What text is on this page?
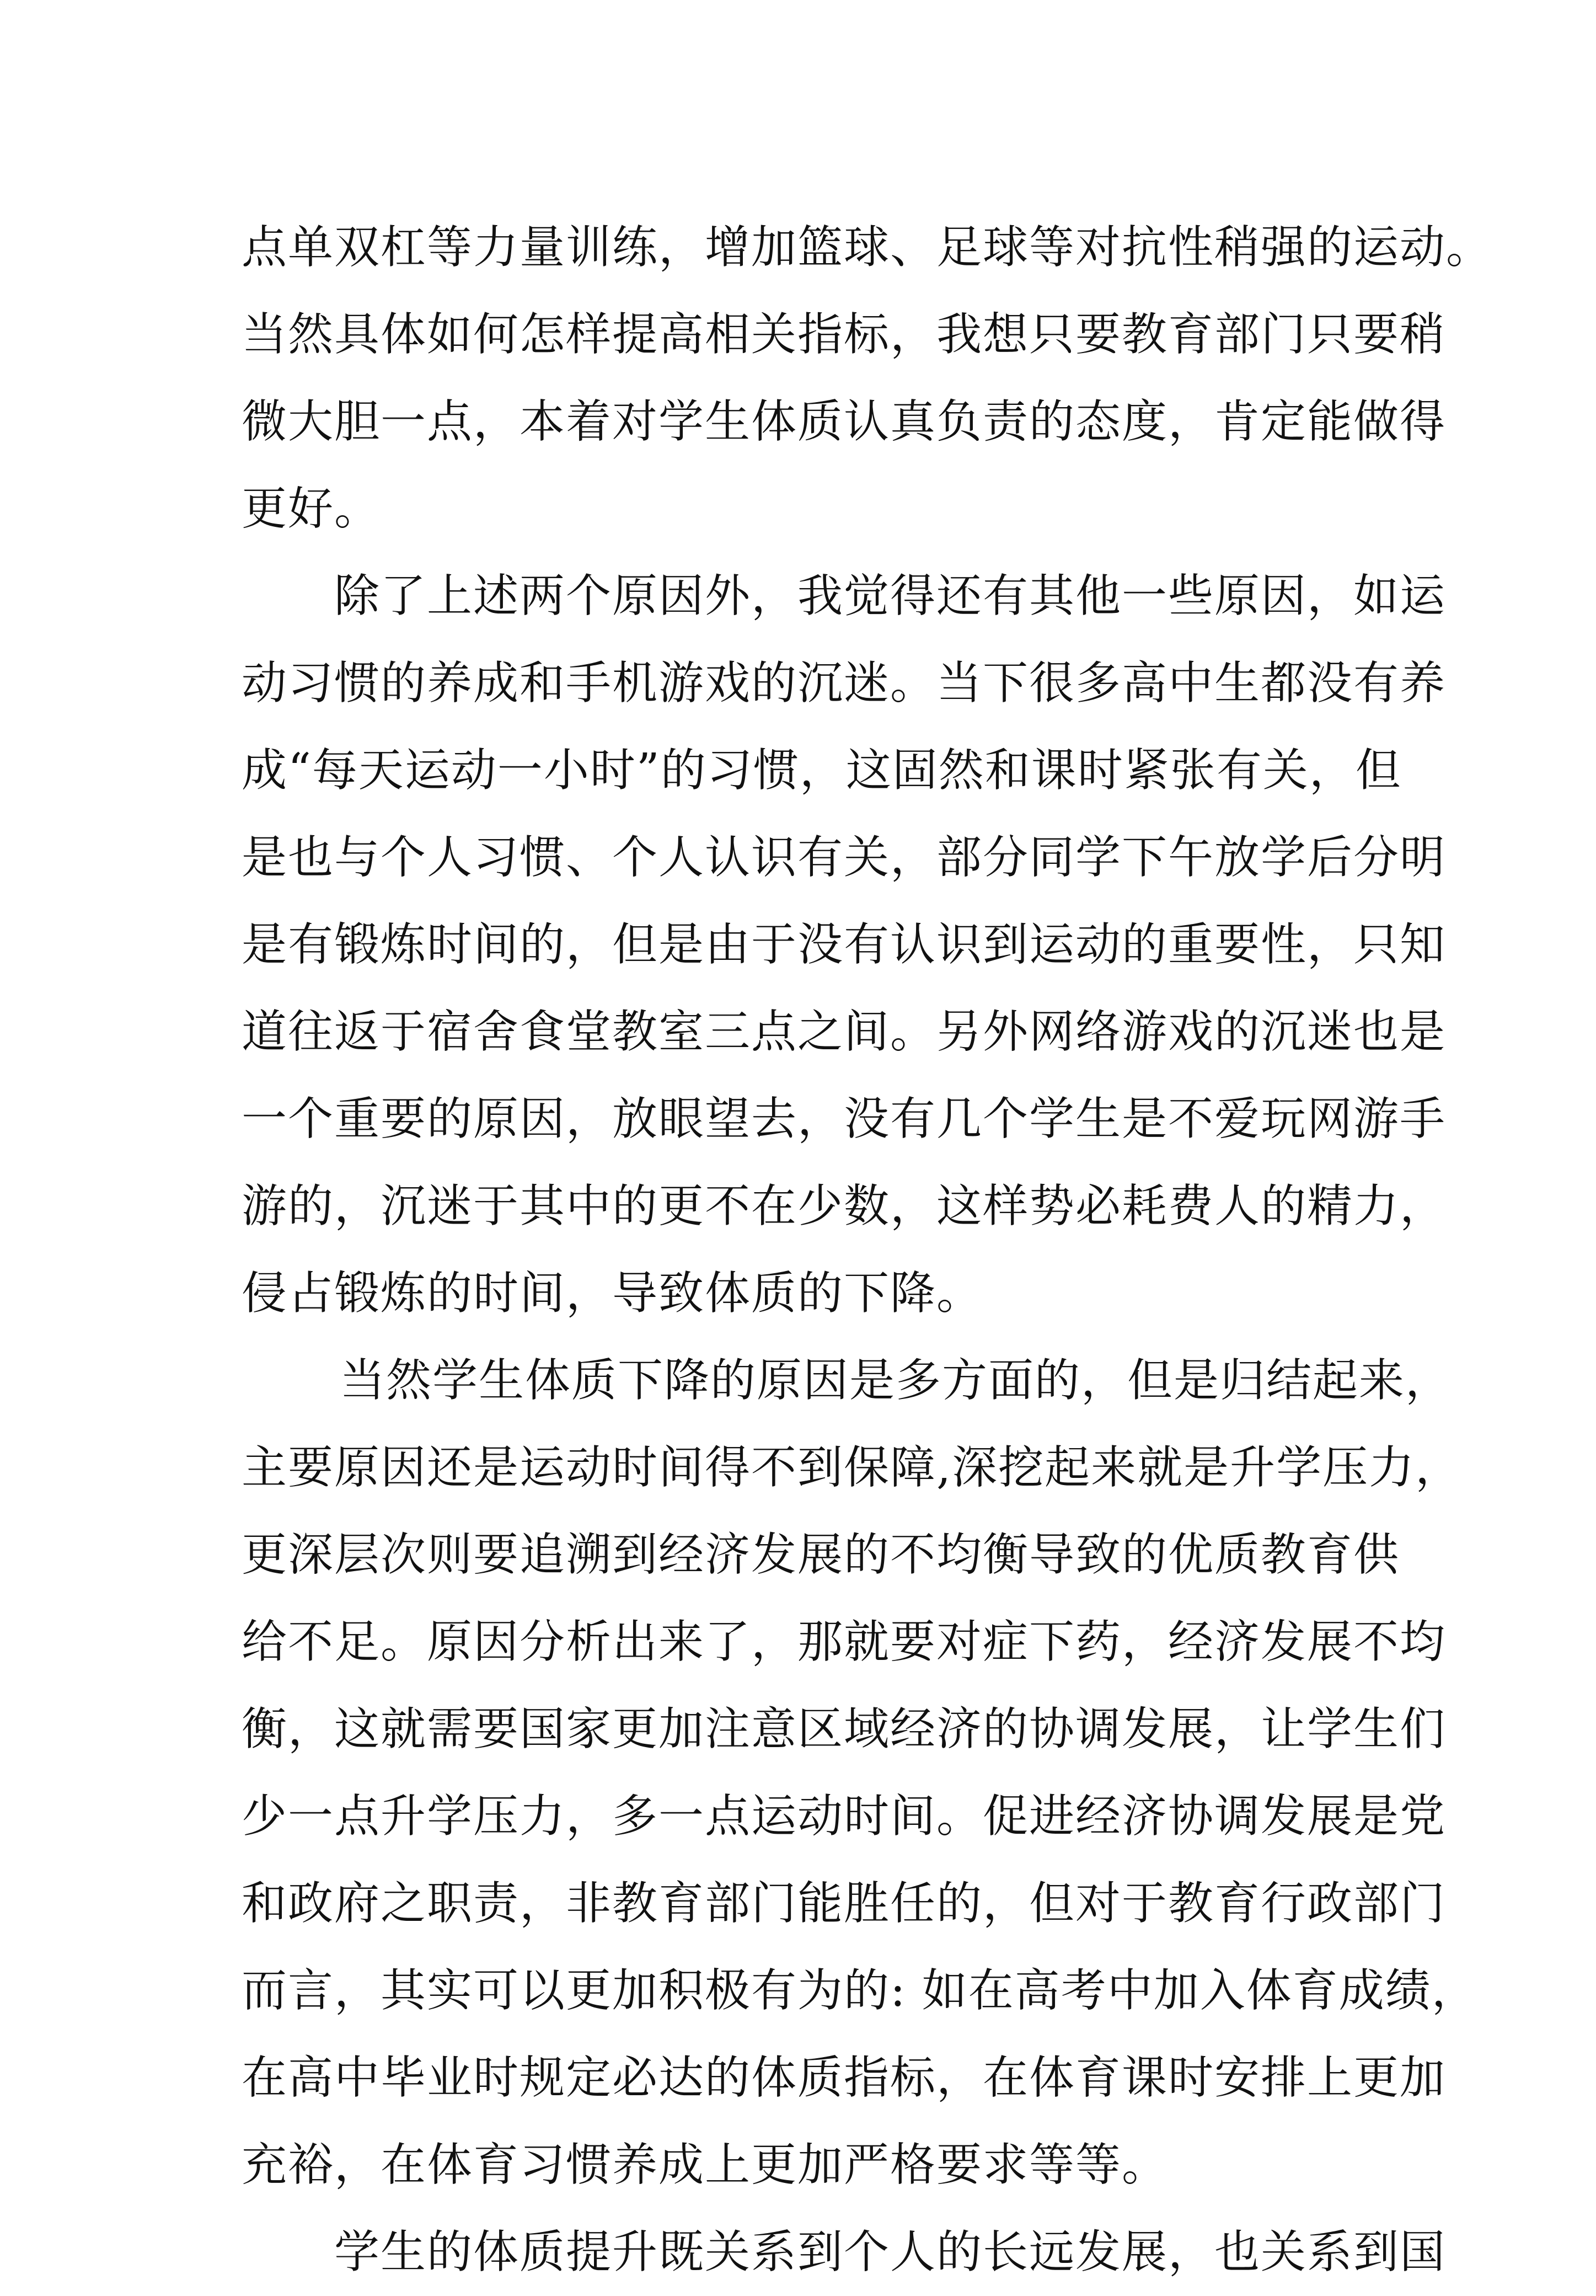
点单双杠等力量训练，增加篮球、足球等对抗性稍强的运动。
当然具体如何怎样提高相关指标，我想只要教育部门只要稍
微大胆一点，本着对学生体质认真负责的态度，肯定能做得
更好。
除了上述两个原因外，我觉得还有其他一些原因，如运
动习惯的养成和手机游戏的沉迷。当下很多高中生都没有养
成“每天运动一小时”的习惯，这固然和课时紧张有关，但
是也与个人习惯、个人认识有关，部分同学下午放学后分明
是有锻炼时间的，但是由于没有认识到运动的重要性，只知
道往返于宿舍食堂教室三点之间。另外网络游戏的沉迷也是
一个重要的原因，放眼望去，没有几个学生是不爱玩网游手
游的，沉迷于其中的更不在少数，这样势必耗费人的精力，
侵占锻炼的时间，导致体质的下降。
当然学生体质下降的原因是多方面的，但是归结起来，
主要原因还是运动时间得不到保障,深挖起来就是升学压力，
更深层次则要追溯到经济发展的不均衡导致的优质教育供
给不足。原因分析出来了，那就要对症下药，经济发展不均
衡，这就需要国家更加注意区域经济的协调发展，让学生们
少一点升学压力，多一点运动时间。促进经济协调发展是党
和政府之职责，非教育部门能胜任的，但对于教育行政部门
而言，其实可以更加积极有为的: 如在高考中加入体育成绩，
在高中毕业时规定必达的体质指标，在体育课时安排上更加
充裕，在体育习惯养成上更加严格要求等等。
学生的体质提升既关系到个人的长远发展，也关系到国
